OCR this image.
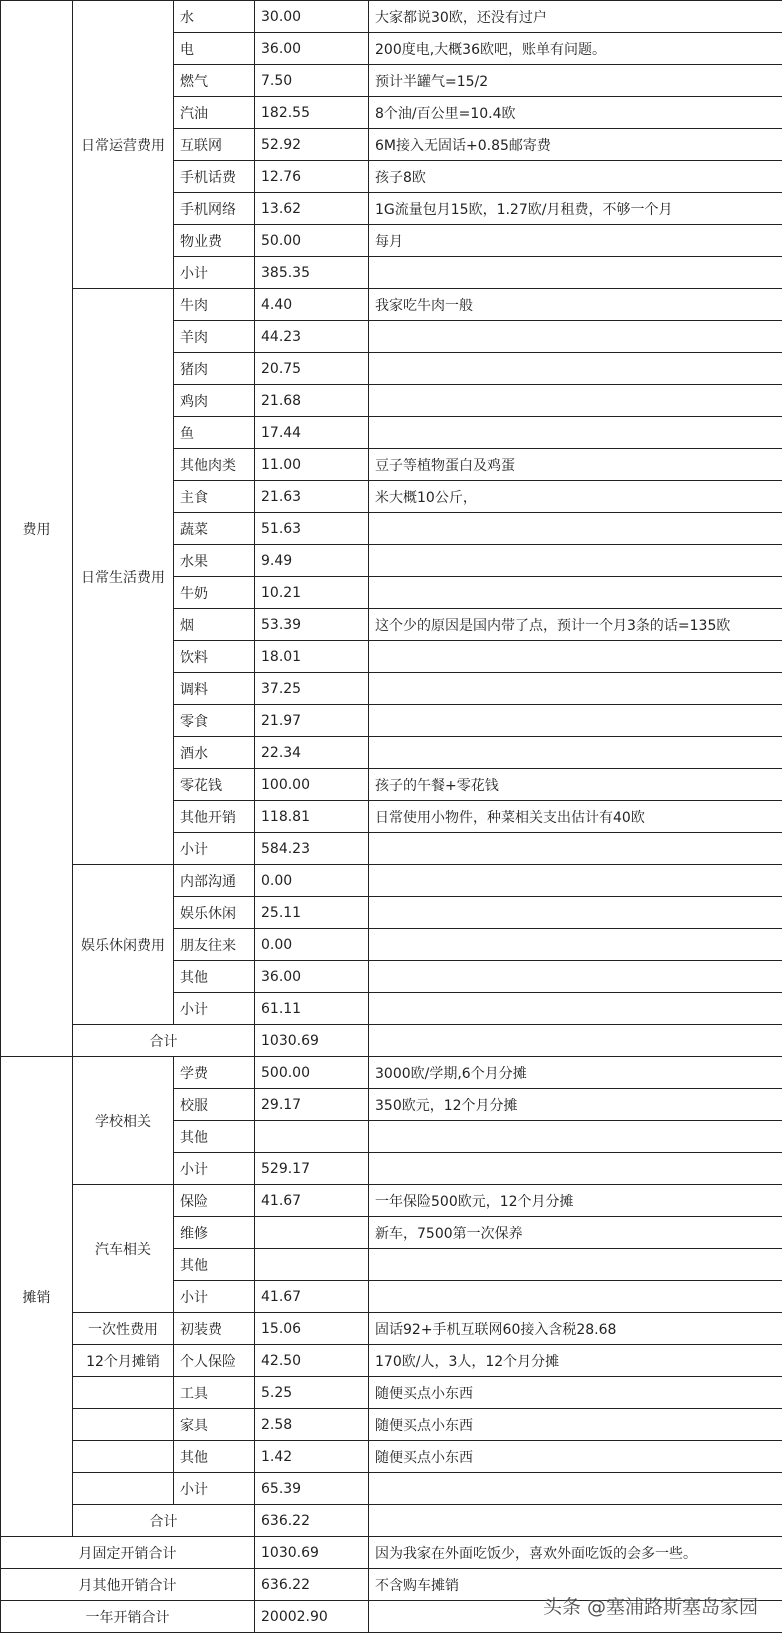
费用	日常运营费用	水	30.00	大家都说30欧，还没有过户
		电	36.00	200度电,大概36欧吧，账单有问题。
		燃气	7.50	预计半罐气=15/2
		汽油	182.55	8个油/百公里=10.4欧
		互联网	52.92	6M接入无固话+0.85邮寄费
		手机话费	12.76	孩子8欧
		手机网络	13.62	1G流量包月15欧，1.27欧/月租费，不够一个月
		物业费	50.00	每月
		小计	385.35	
	日常生活费用	牛肉	4.40	我家吃牛肉一般
		羊肉	44.23	
		猪肉	20.75	
		鸡肉	21.68	
		鱼	17.44	
		其他肉类	11.00	豆子等植物蛋白及鸡蛋
		主食	21.63	米大概10公斤，
		蔬菜	51.63	
		水果	9.49	
		牛奶	10.21	
		烟	53.39	这个少的原因是国内带了点，预计一个月3条的话=135欧
		饮料	18.01	
		调料	37.25	
		零食	21.97	
		酒水	22.34	
		零花钱	100.00	孩子的午餐+零花钱
		其他开销	118.81	日常使用小物件，种菜相关支出估计有40欧
		小计	584.23	
	娱乐休闲费用	内部沟通	0.00	
		娱乐休闲	25.11	
		朋友往来	0.00	
		其他	36.00	
		小计	61.11	
	合计		1030.69	
摊销	学校相关	学费	500.00	3000欧/学期,6个月分摊
		校服	29.17	350欧元，12个月分摊
		其他		
		小计	529.17	
	汽车相关	保险	41.67	一年保险500欧元，12个月分摊
		维修		新车，7500第一次保养
		其他		
		小计	41.67	
	一次性费用	初装费	15.06	固话92+手机互联网60接入含税28.68
	12个月摊销	个人保险	42.50	170欧/人，3人，12个月分摊
		工具	5.25	随便买点小东西
		家具	2.58	随便买点小东西
		其他	1.42	随便买点小东西
		小计	65.39	
	合计		636.22	
月固定开销合计			1030.69	因为我家在外面吃饭少，喜欢外面吃饭的会多一些。
月其他开销合计			636.22	不含购车摊销
一年开销合计			20002.90		头条 @塞浦路斯塞岛家园
